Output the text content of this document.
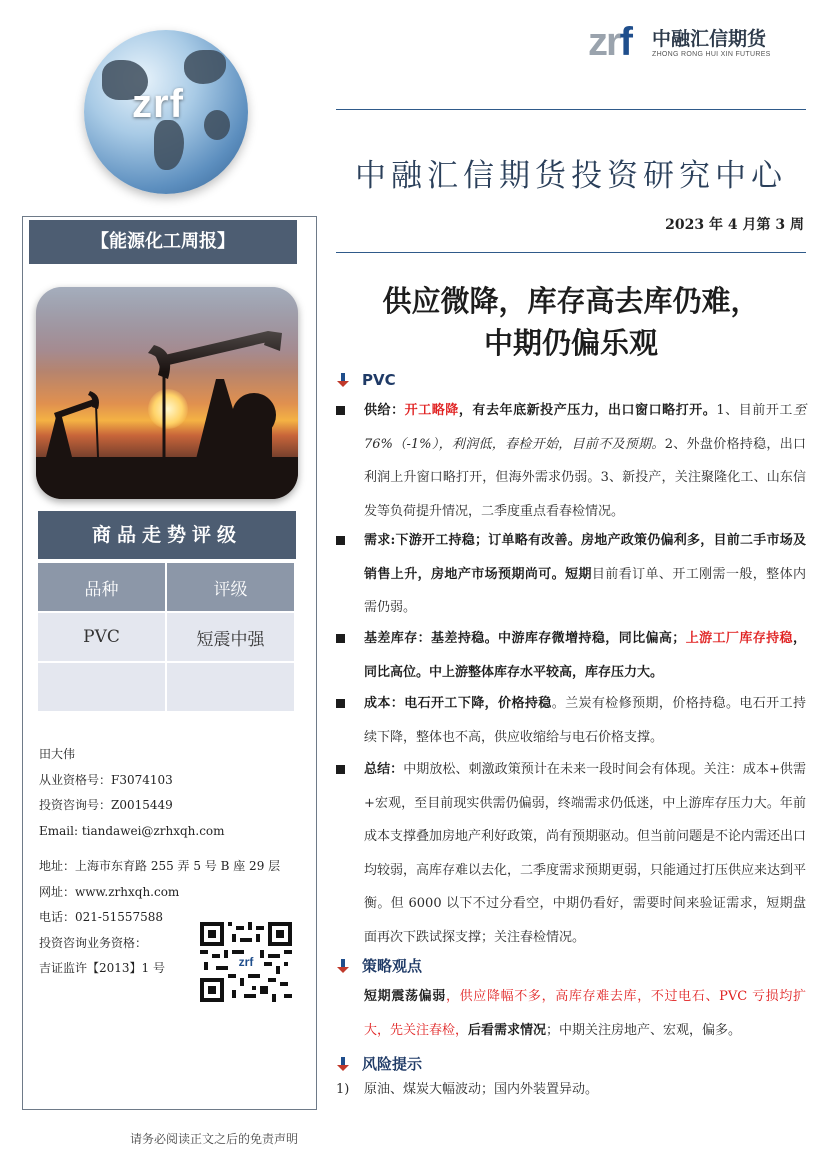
zrf
zrf 中融汇信期货
ZHONG RONG HUI XIN FUTURES
中融汇信期货投资研究中心
2023 年 4 月第 3 周
【能源化工周报】
商品走势评级
品种	评级
PVC	短震中强

田大伟
从业资格号：F3074103
投资咨询号：Z0015449
Email: tiandawei@zrhxqh.com
地址：上海市东育路 255 弄 5 号 B 座 29 层
网址：www.zrhxqh.com
电话：021-51557588
投资咨询业务资格：
吉证监许【2013】1 号	zrf
请务必阅读正文之后的免责声明
供应微降，库存高去库仍难，
中期仍偏乐观
PVC
供给：开工略降，有去年底新投产压力，出口窗口略打开。1、目前开工至 76%（-1%），利润低，春检开始，目前不及预期。2、外盘价格持稳，出口利润上升窗口略打开，但海外需求仍弱。3、新投产，关注聚隆化工、山东信发等负荷提升情况，二季度重点看春检情况。
需求:下游开工持稳；订单略有改善。房地产政策仍偏利多，目前二手市场及销售上升，房地产市场预期尚可。短期目前看订单、开工刚需一般，整体内需仍弱。
基差库存：基差持稳。中游库存微增持稳，同比偏高；上游工厂库存持稳，同比高位。中上游整体库存水平较高，库存压力大。
成本：电石开工下降，价格持稳。兰炭有检修预期，价格持稳。电石开工持续下降，整体也不高，供应收缩给与电石价格支撑。
总结：中期放松、刺激政策预计在未来一段时间会有体现。关注：成本+供需+宏观，至目前现实供需仍偏弱，终端需求仍低迷，中上游库存压力大。年前成本支撑叠加房地产利好政策，尚有预期驱动。但当前问题是不论内需还出口均较弱，高库存难以去化，二季度需求预期更弱，只能通过打压供应来达到平衡。但 6000 以下不过分看空，中期仍看好，需要时间来验证需求，短期盘面再次下跌试探支撑；关注春检情况。
策略观点
短期震荡偏弱，供应降幅不多，高库存难去库，不过电石、PVC 亏损均扩大，先关注春检，后看需求情况；中期关注房地产、宏观，偏多。
风险提示
1) 原油、煤炭大幅波动；国内外装置异动。
